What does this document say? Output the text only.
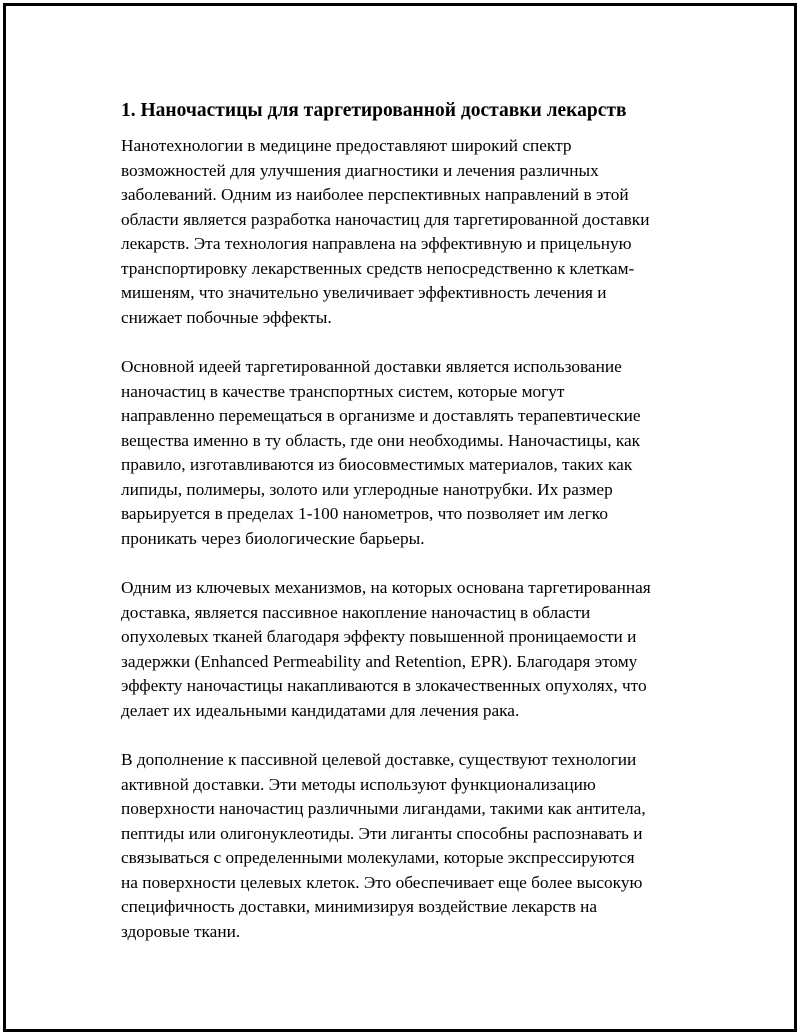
1. Наночастицы для таргетированной доставки лекарств
Нанотехнологии в медицине предоставляют широкий спектр
возможностей для улучшения диагностики и лечения различных
заболеваний. Одним из наиболее перспективных направлений в этой
области является разработка наночастиц для таргетированной доставки
лекарств. Эта технология направлена на эффективную и прицельную
транспортировку лекарственных средств непосредственно к клеткам-
мишеням, что значительно увеличивает эффективность лечения и
снижает побочные эффекты.
Основной идеей таргетированной доставки является использование
наночастиц в качестве транспортных систем, которые могут
направленно перемещаться в организме и доставлять терапевтические
вещества именно в ту область, где они необходимы. Наночастицы, как
правило, изготавливаются из биосовместимых материалов, таких как
липиды, полимеры, золото или углеродные нанотрубки. Их размер
варьируется в пределах 1-100 нанометров, что позволяет им легко
проникать через биологические барьеры.
Одним из ключевых механизмов, на которых основана таргетированная
доставка, является пассивное накопление наночастиц в области
опухолевых тканей благодаря эффекту повышенной проницаемости и
задержки (Enhanced Permeability and Retention, EPR). Благодаря этому
эффекту наночастицы накапливаются в злокачественных опухолях, что
делает их идеальными кандидатами для лечения рака.
В дополнение к пассивной целевой доставке, существуют технологии
активной доставки. Эти методы используют функционализацию
поверхности наночастиц различными лигандами, такими как антитела,
пептиды или олигонуклеотиды. Эти лиганты способны распознавать и
связываться с определенными молекулами, которые экспрессируются
на поверхности целевых клеток. Это обеспечивает еще более высокую
специфичность доставки, минимизируя воздействие лекарств на
здоровые ткани.
